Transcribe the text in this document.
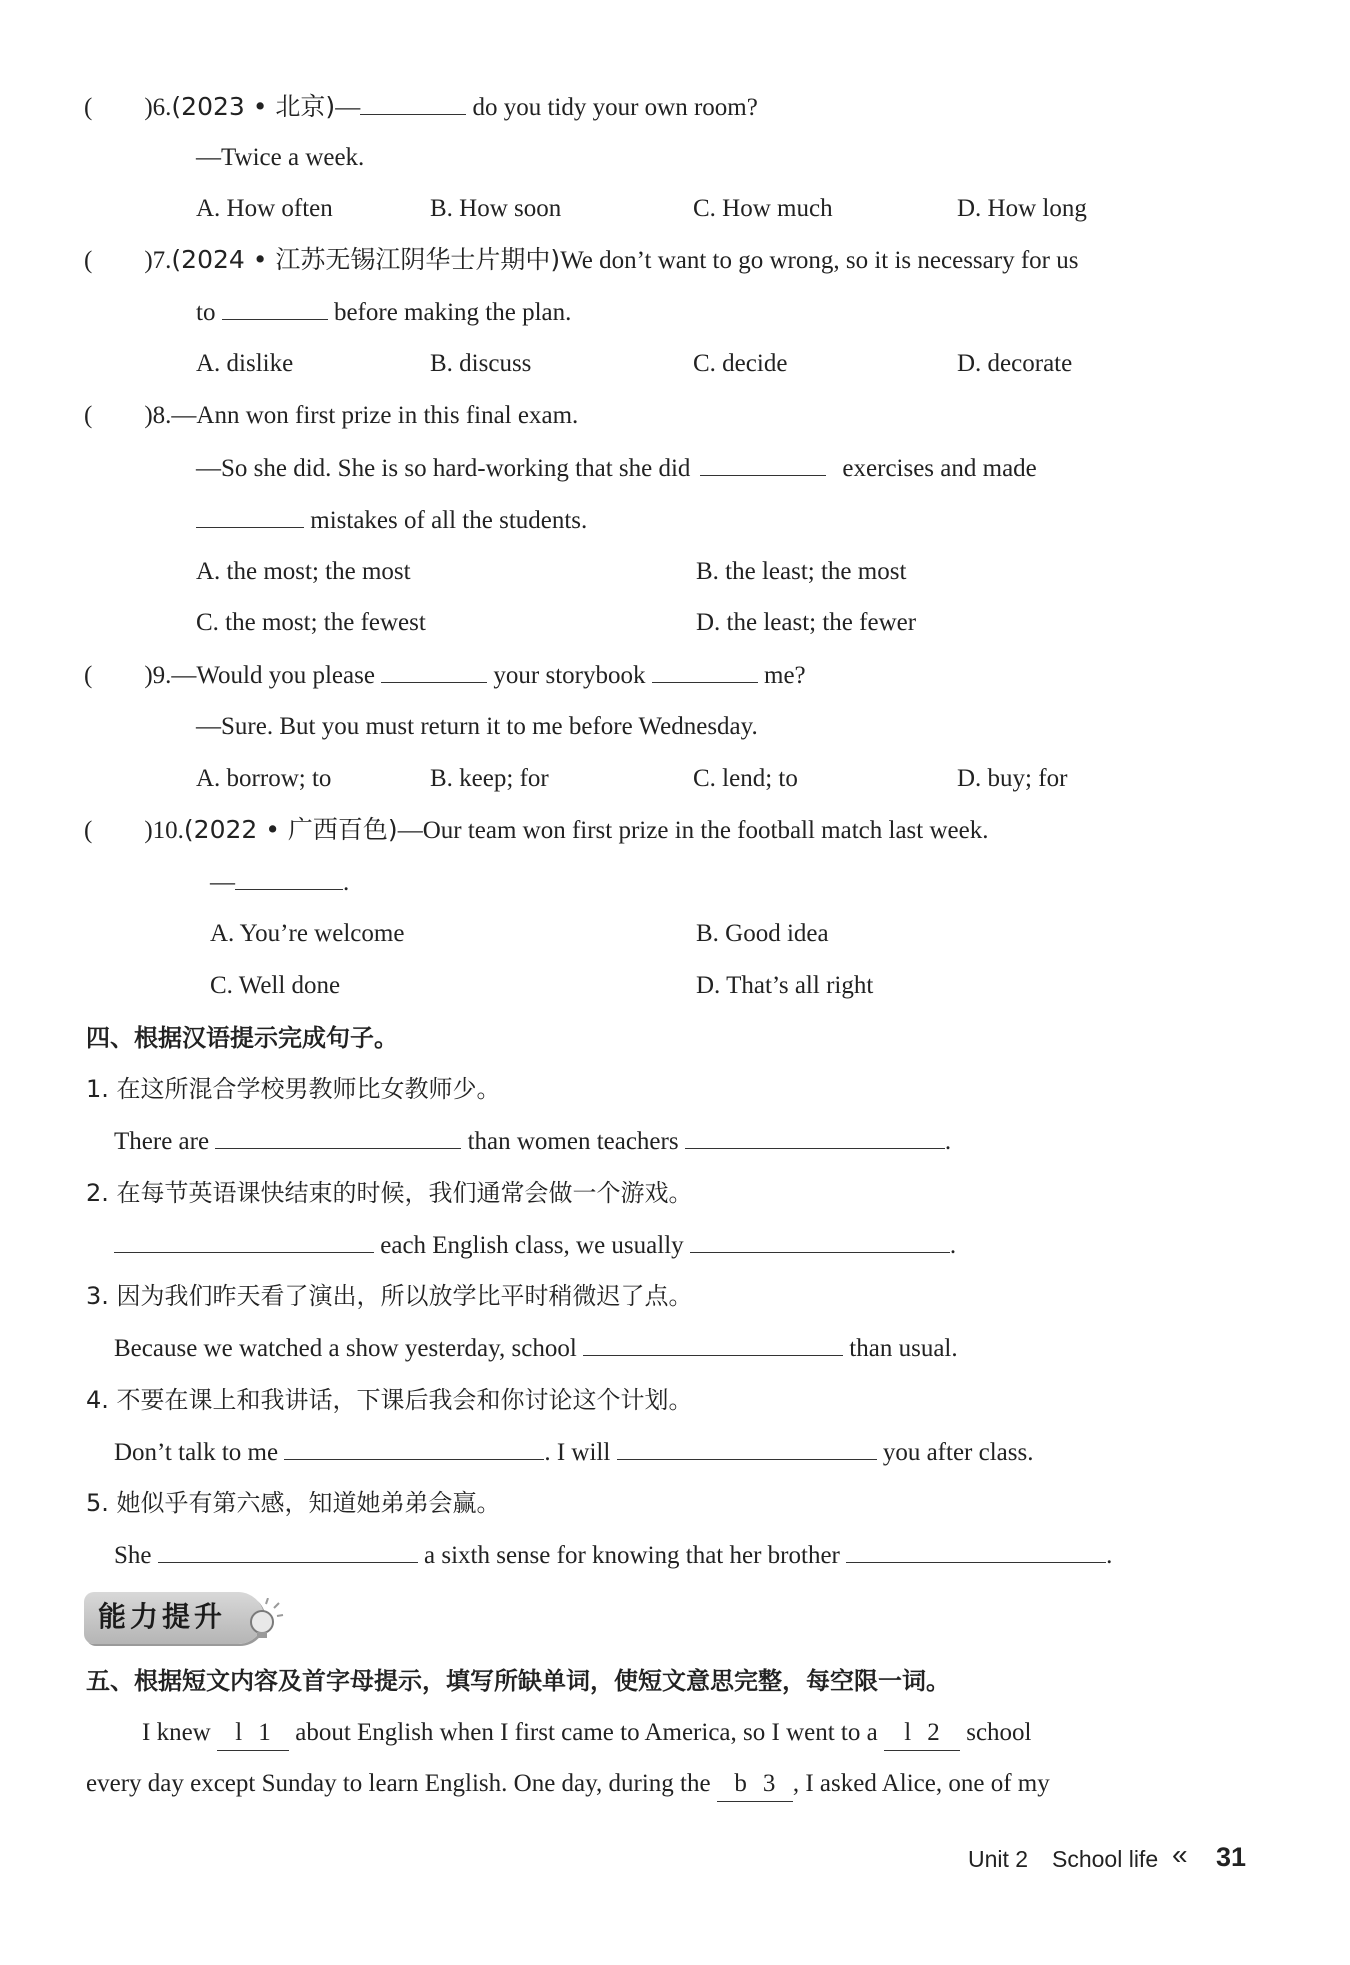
( )6.(2023 • 北京)—	do you tidy your own room?
—Twice a week.
A. How often	B. How soon	C. How much	D. How long
( )7.(2024 • 江苏无锡江阴华士片期中)We don’t want to go wrong, so it is necessary for us
to	before making the plan.
A. dislike	B. discuss	C. decide	D. decorate
( )8.—Ann won first prize in this final exam.
—So she did. She is so hard-working that she did	exercises and made
mistakes of all the students.
A. the most; the most	B. the least; the most
C. the most; the fewest	D. the least; the fewer
( )9.—Would you please	your storybook	me?
—Sure. But you must return it to me before Wednesday.
A. borrow; to	B. keep; for	C. lend; to	D. buy; for
( )10.(2022 • 广西百色)—Our team won first prize in the football match last week.
—	.
A. You’re welcome	B. Good idea
C. Well done	D. That’s all right
四、根据汉语提示完成句子。
1. 在这所混合学校男教师比女教师少。
There are	than women teachers	.
2. 在每节英语课快结束的时候，我们通常会做一个游戏。
each English class, we usually	.
3. 因为我们昨天看了演出，所以放学比平时稍微迟了点。
Because we watched a show yesterday, school	than usual.
4. 不要在课上和我讲话，下课后我会和你讨论这个计划。
Don’t talk to me	. I will	you after class.
5. 她似乎有第六感，知道她弟弟会赢。
She	a sixth sense for knowing that her brother	.
能力提升
五、根据短文内容及首字母提示，填写所缺单词，使短文意思完整，每空限一词。
I knew l 1 about English when I first came to America, so I went to a l 2 school
every day except Sunday to learn English. One day, during the b 3 , I asked Alice, one of my
Unit 2 School life « 31
